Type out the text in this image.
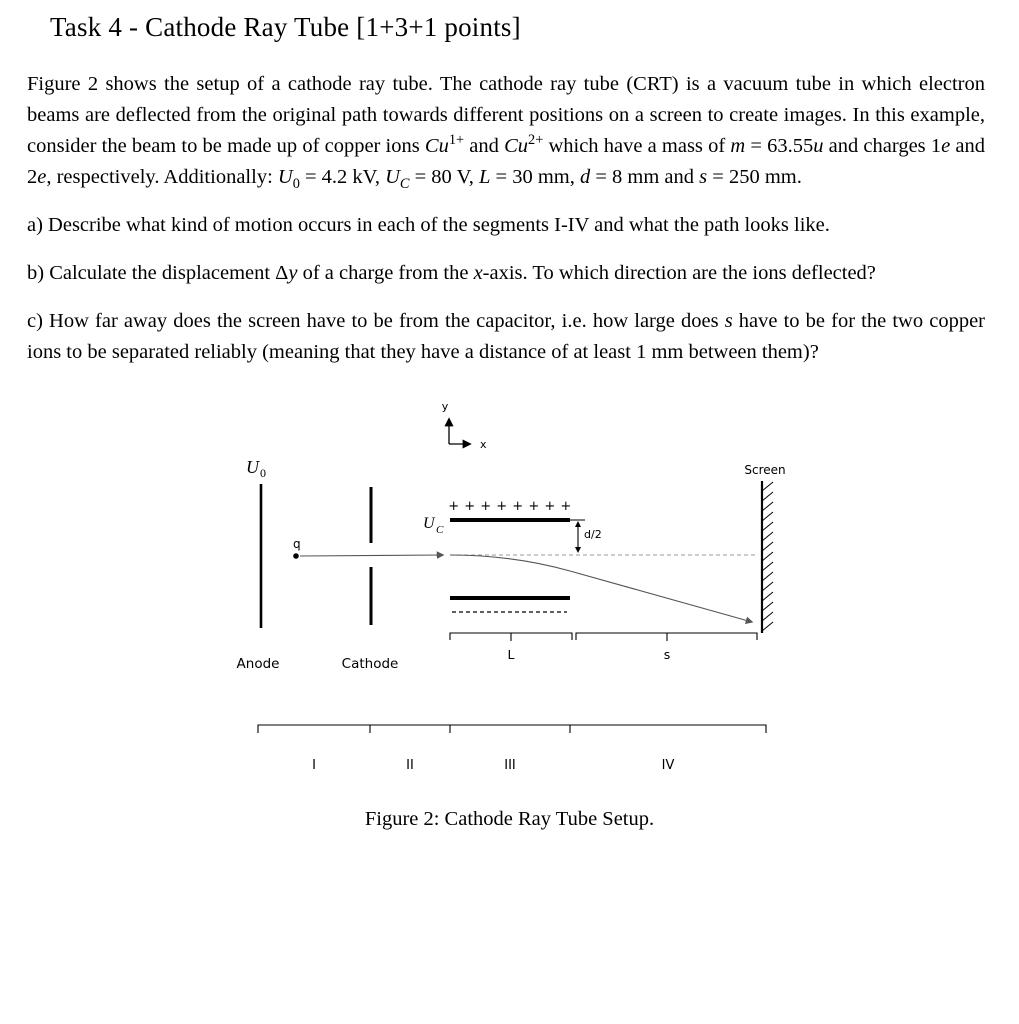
Task 4 - Cathode Ray Tube [1+3+1 points]

Figure 2 shows the setup of a cathode ray tube. The cathode ray tube (CRT) is a vacuum tube in which electron beams are deflected from the original path towards different positions on a screen to create images. In this example, consider the beam to be made up of copper ions $Cu^{1+}$ and $Cu^{2+}$ which have a mass of m = 63.55u and charges 1e and 2e, respectively. Additionally: $U_0 = 4.2$ kV, $U_C = 80$ V, L = 30 mm, d = 8 mm and s = 250 mm.

a) Describe what kind of motion occurs in each of the segments I-IV and what the path looks like.

b) Calculate the displacement Δy of a charge from the x-axis. To which direction are the ions deflected?

c) How far away does the screen have to be from the capacitor, i.e. how large does s have to be for the two copper ions to be separated reliably (meaning that they have a distance of at least 1 mm between them)?

y
x
U 0	Screen
q
+ + + + + + + +
U C	d/2
L	s
Anode	Cathode
I	II	III	IV
Figure 2: Cathode Ray Tube Setup.
